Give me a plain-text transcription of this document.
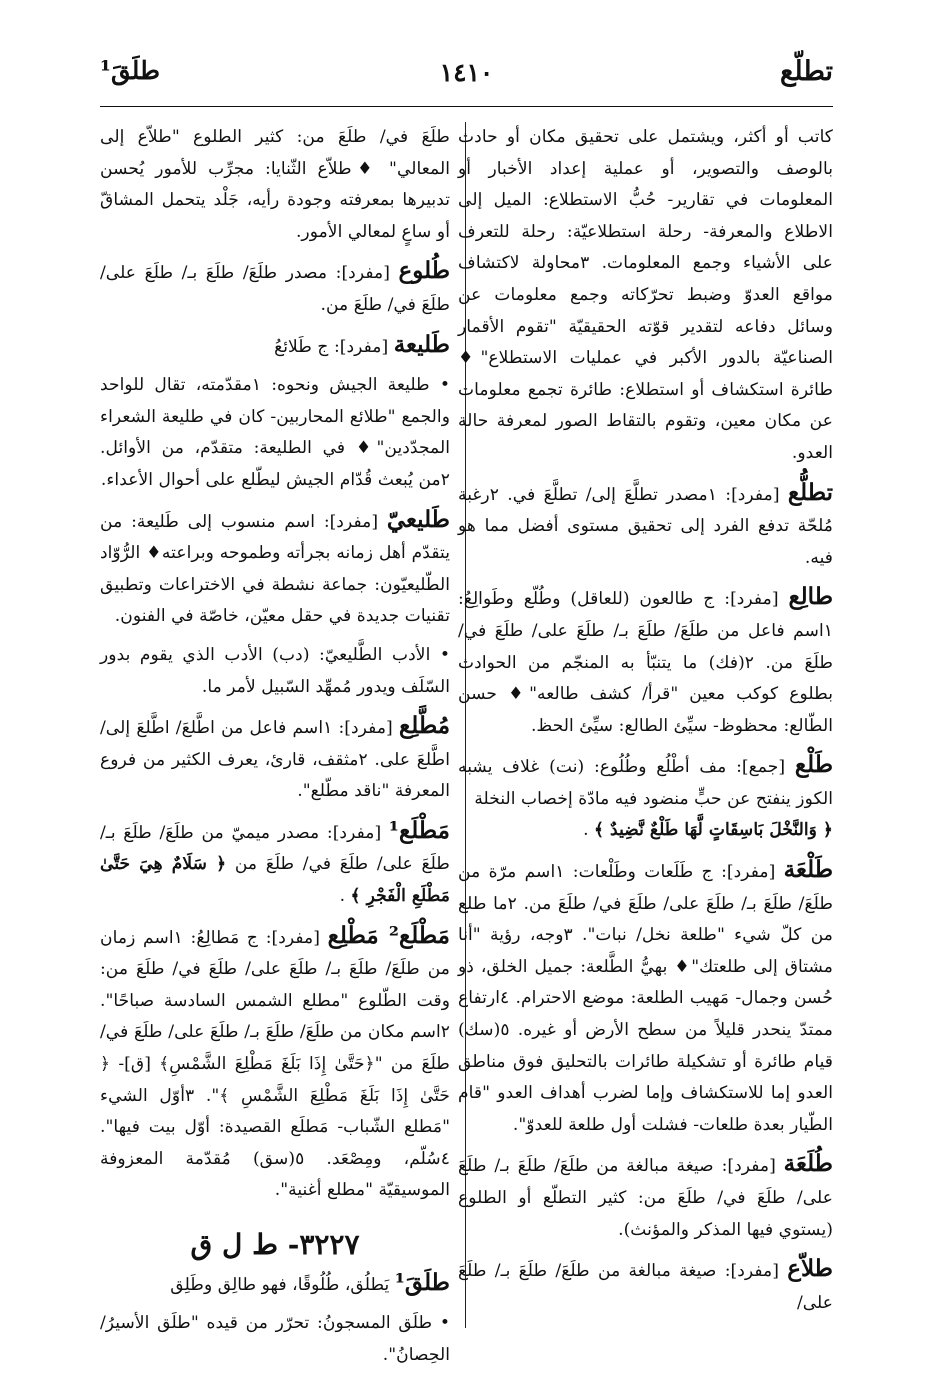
تطلّع
١٤١٠
طلَقَ¹

كاتب أو أكثر، ويشتمل على تحقيق مكان أو حادث بالوصف والتصوير، أو عملية إعداد الأخبار أو المعلومات في تقارير- حُبُّ الاستطلاع: الميل إلى الاطلاع والمعرفة- رحلة استطلاعيّة: رحلة للتعرف على الأشياء وجمع المعلومات. ٣محاولة لاكتشاف مواقع العدوّ وضبط تحرّكاته وجمع معلومات عن وسائل دفاعه لتقدير قوّته الحقيقيّة "تقوم الأقمار الصناعيّة بالدور الأكبر في عمليات الاستطلاع"♦ طائرة استكشاف أو استطلاع: طائرة تجمع معلومات عن مكان معين، وتقوم بالتقاط الصور لمعرفة حالة العدو.

تطلُّع [مفرد]: ١مصدر تطلَّعَ إلى/ تطلَّعَ في. ٢رغبة مُلحّة تدفع الفرد إلى تحقيق مستوى أفضل مما هو فيه.

طالِع [مفرد]: ج طالعون (للعاقل) وطُلّع وطَوالِعُ: ١اسم فاعل من طلَعَ/ طلَعَ بـ/ طلَعَ على/ طلَعَ في/ طلَعَ من. ٢(فك) ما يتنبّأ به المنجّم من الحوادث بطلوع كوكب معين "قرأ/ كشف طالعه"♦ حسن الطّالع: محظوظ- سيِّئ الطالع: سيِّئ الحظ.

طَلْع [جمع]: مف أطْلُع وطُلُوع: (نت) غلاف يشبه الكوز ينفتح عن حبٍّ منضود فيه مادّة إخصاب النخلة

﴿ وَالنَّخْلَ بَاسِقَاتٍ لَّهَا طَلْعٌ نَّضِيدٌ ﴾ .

طَلْعَة [مفرد]: ج طَلَعات وطَلْعات: ١اسم مرّة من طلَعَ/ طلَعَ بـ/ طلَعَ على/ طلَعَ في/ طلَعَ من. ٢ما طلع من كلّ شيء "طلعة نخل/ نبات". ٣وجه، رؤية "أنا مشتاق إلى طلعتك"♦ بهيُّ الطَّلعة: جميل الخلق، ذو حُسن وجمال- مَهيب الطلعة: موضع الاحترام. ٤ارتفاع ممتدّ ينحدر قليلاً من سطح الأرض أو غيره. ٥(سك) قيام طائرة أو تشكيلة طائرات بالتحليق فوق مناطق العدو إما للاستكشاف وإما لضرب أهداف العدو "قام الطّيار بعدة طلعات- فشلت أول طلعة للعدوّ".

طُلَعَة [مفرد]: صيغة مبالغة من طلَعَ/ طلَعَ بـ/ طلَعَ على/ طلَعَ في/ طلَعَ من: كثير التطلّع أو الطلوع (يستوي فيها المذكر والمؤنث).

طلاّع [مفرد]: صيغة مبالغة من طلَعَ/ طلَعَ بـ/ طلَعَ على/

طلَعَ في/ طلَعَ من: كثير الطلوع "طلاّع إلى المعالي" ♦طلاّع الثّنايا: مجرِّب للأمور يُحسن تدبيرها بمعرفته وجودة رأيه، جَلْد يتحمل المشاقّ أو ساعٍ لمعالي الأمور.

طُلوع [مفرد]: مصدر طلَعَ/ طلَعَ بـ/ طلَعَ على/ طلَعَ في/ طلَعَ من.

طَليعة [مفرد]: ج طَلائعُ

• طليعة الجيش ونحوه: ١مقدّمته، تقال للواحد والجمع "طلائع المحاربين- كان في طليعة الشعراء المجدّدين"♦ في الطليعة: متقدّم، من الأوائل. ٢من يُبعث قُدّام الجيش ليطّلع على أحوال الأعداء.

طَليعيّ [مفرد]: اسم منسوب إلى طَليعة: من يتقدّم أهل زمانه بجرأته وطموحه وبراعته♦ الرُّوّاد الطّليعيّون: جماعة نشطة في الاختراعات وتطبيق تقنيات جديدة في حقل معيّن، خاصّة في الفنون.

• الأدب الطَّليعيّ: (دب) الأدب الذي يقوم بدور السّلَف ويدور مُمهِّد السّبيل لأمر ما.

مُطَّلِع [مفرد]: ١اسم فاعل من اطَّلعَ/ اطَّلعَ إلى/ اطَّلعَ على. ٢مثقف، قارئ، يعرف الكثير من فروع المعرفة "ناقد مطّلع".

مَطْلَع¹ [مفرد]: مصدر ميميّ من طلَعَ/ طلَعَ بـ/ طلَعَ على/ طلَعَ في/ طلَعَ من ﴿ سَلَامٌ هِيَ حَتَّىٰ مَطْلَعِ الْفَجْرِ ﴾ .

مَطْلَع² مَطْلِع [مفرد]: ج مَطالِعُ: ١اسم زمان من طلَعَ/ طلَعَ بـ/ طلَعَ على/ طلَعَ في/ طلَعَ من: وقت الطّلوع "مطلع الشمس السادسة صباحًا". ٢اسم مكان من طلَعَ/ طلَعَ بـ/ طلَعَ على/ طلَعَ في/ طلَعَ من "﴿حَتَّىٰ إِذَا بَلَغَ مَطْلِعَ الشَّمْسِ﴾ [ق]- ﴿ حَتَّىٰ إِذَا بَلَغَ مَطْلِعَ الشَّمْسِ ﴾". ٣أوّل الشيء "مَطلع الشّباب- مَطلَع القصيدة: أوّل بيت فيها". ٤سُلّم، ومِصْعَد. ٥(سق) مُقدّمة المعزوفة الموسيقيّة "مطلع أغنية".

٣٢٢٧- ط ل ق

طلَقَ¹ يَطلُق، طُلُوقًا، فهو طالِق وطَلِق

• طلَق المسجونُ: تحرّر من قيده "طلَق الأسيرُ/ الحِصانُ".
